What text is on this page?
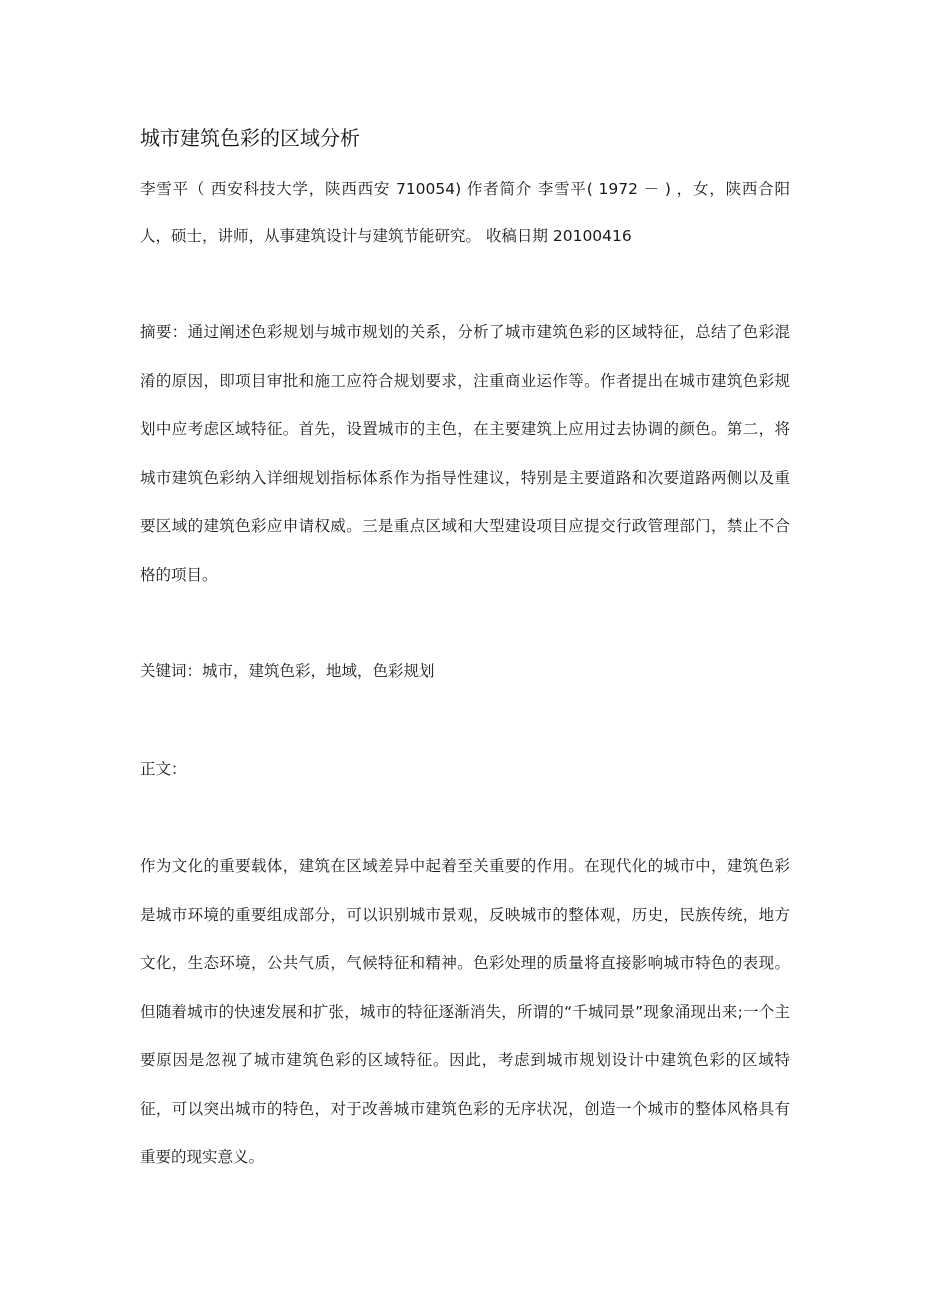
城市建筑色彩的区域分析
李雪平（ 西安科技大学，陕西西安 710054) 作者简介 李雪平( 1972 － ) ，女，陕西合阳人，硕士，讲师，从事建筑设计与建筑节能研究。 收稿日期 20100416
摘要：通过阐述色彩规划与城市规划的关系，分析了城市建筑色彩的区域特征，总结了色彩混淆的原因，即项目审批和施工应符合规划要求，注重商业运作等。作者提出在城市建筑色彩规划中应考虑区域特征。首先，设置城市的主色，在主要建筑上应用过去协调的颜色。第二，将城市建筑色彩纳入详细规划指标体系作为指导性建议，特别是主要道路和次要道路两侧以及重要区域的建筑色彩应申请权威。三是重点区域和大型建设项目应提交行政管理部门，禁止不合格的项目。
关键词：城市，建筑色彩，地域，色彩规划
正文：
作为文化的重要载体，建筑在区域差异中起着至关重要的作用。在现代化的城市中，建筑色彩是城市环境的重要组成部分，可以识别城市景观，反映城市的整体观，历史，民族传统，地方文化，生态环境，公共气质，气候特征和精神。色彩处理的质量将直接影响城市特色的表现。但随着城市的快速发展和扩张，城市的特征逐渐消失，所谓的“千城同景”现象涌现出来;一个主要原因是忽视了城市建筑色彩的区域特征。因此，考虑到城市规划设计中建筑色彩的区域特征，可以突出城市的特色，对于改善城市建筑色彩的无序状况，创造一个城市的整体风格具有重要的现实意义。
